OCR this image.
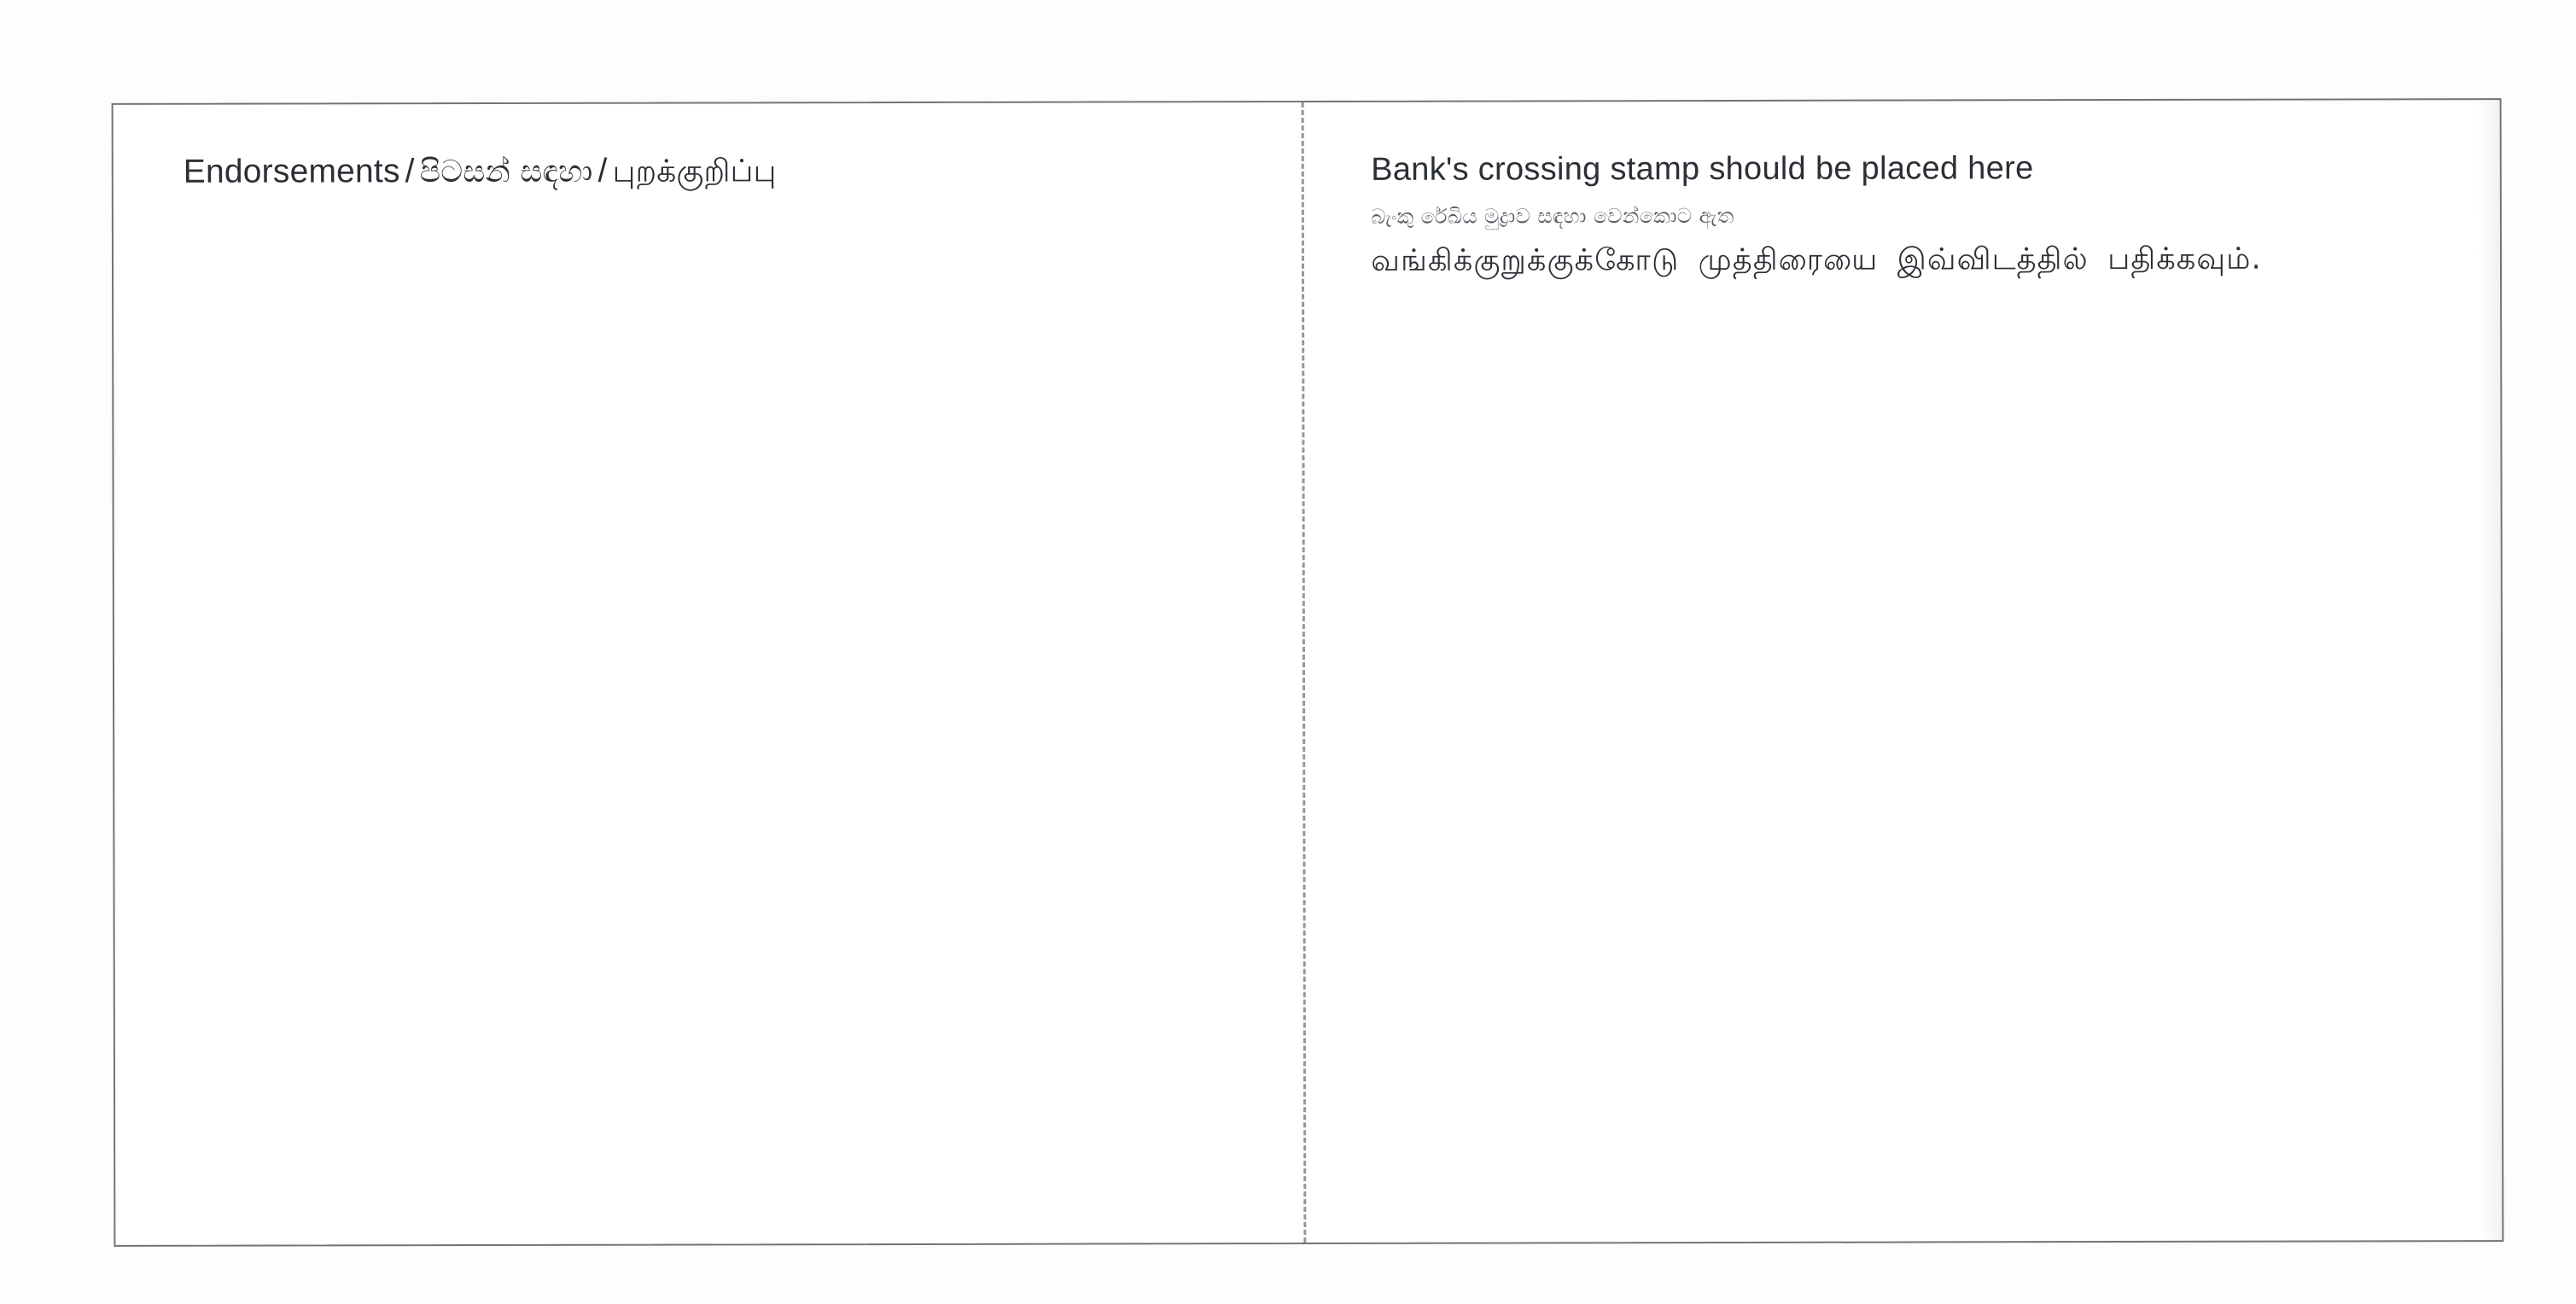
Endorsements / පිටසන් සඳහා / புறக்குறிப்பு	Bank's crossing stamp should be placed here
බැංකු රේඛිය මුද්‍රාව සඳහා වෙන්කොට ඇත
வங்கிக்குறுக்குக்கோடு முத்திரையை இவ்விடத்தில் பதிக்கவும்.
